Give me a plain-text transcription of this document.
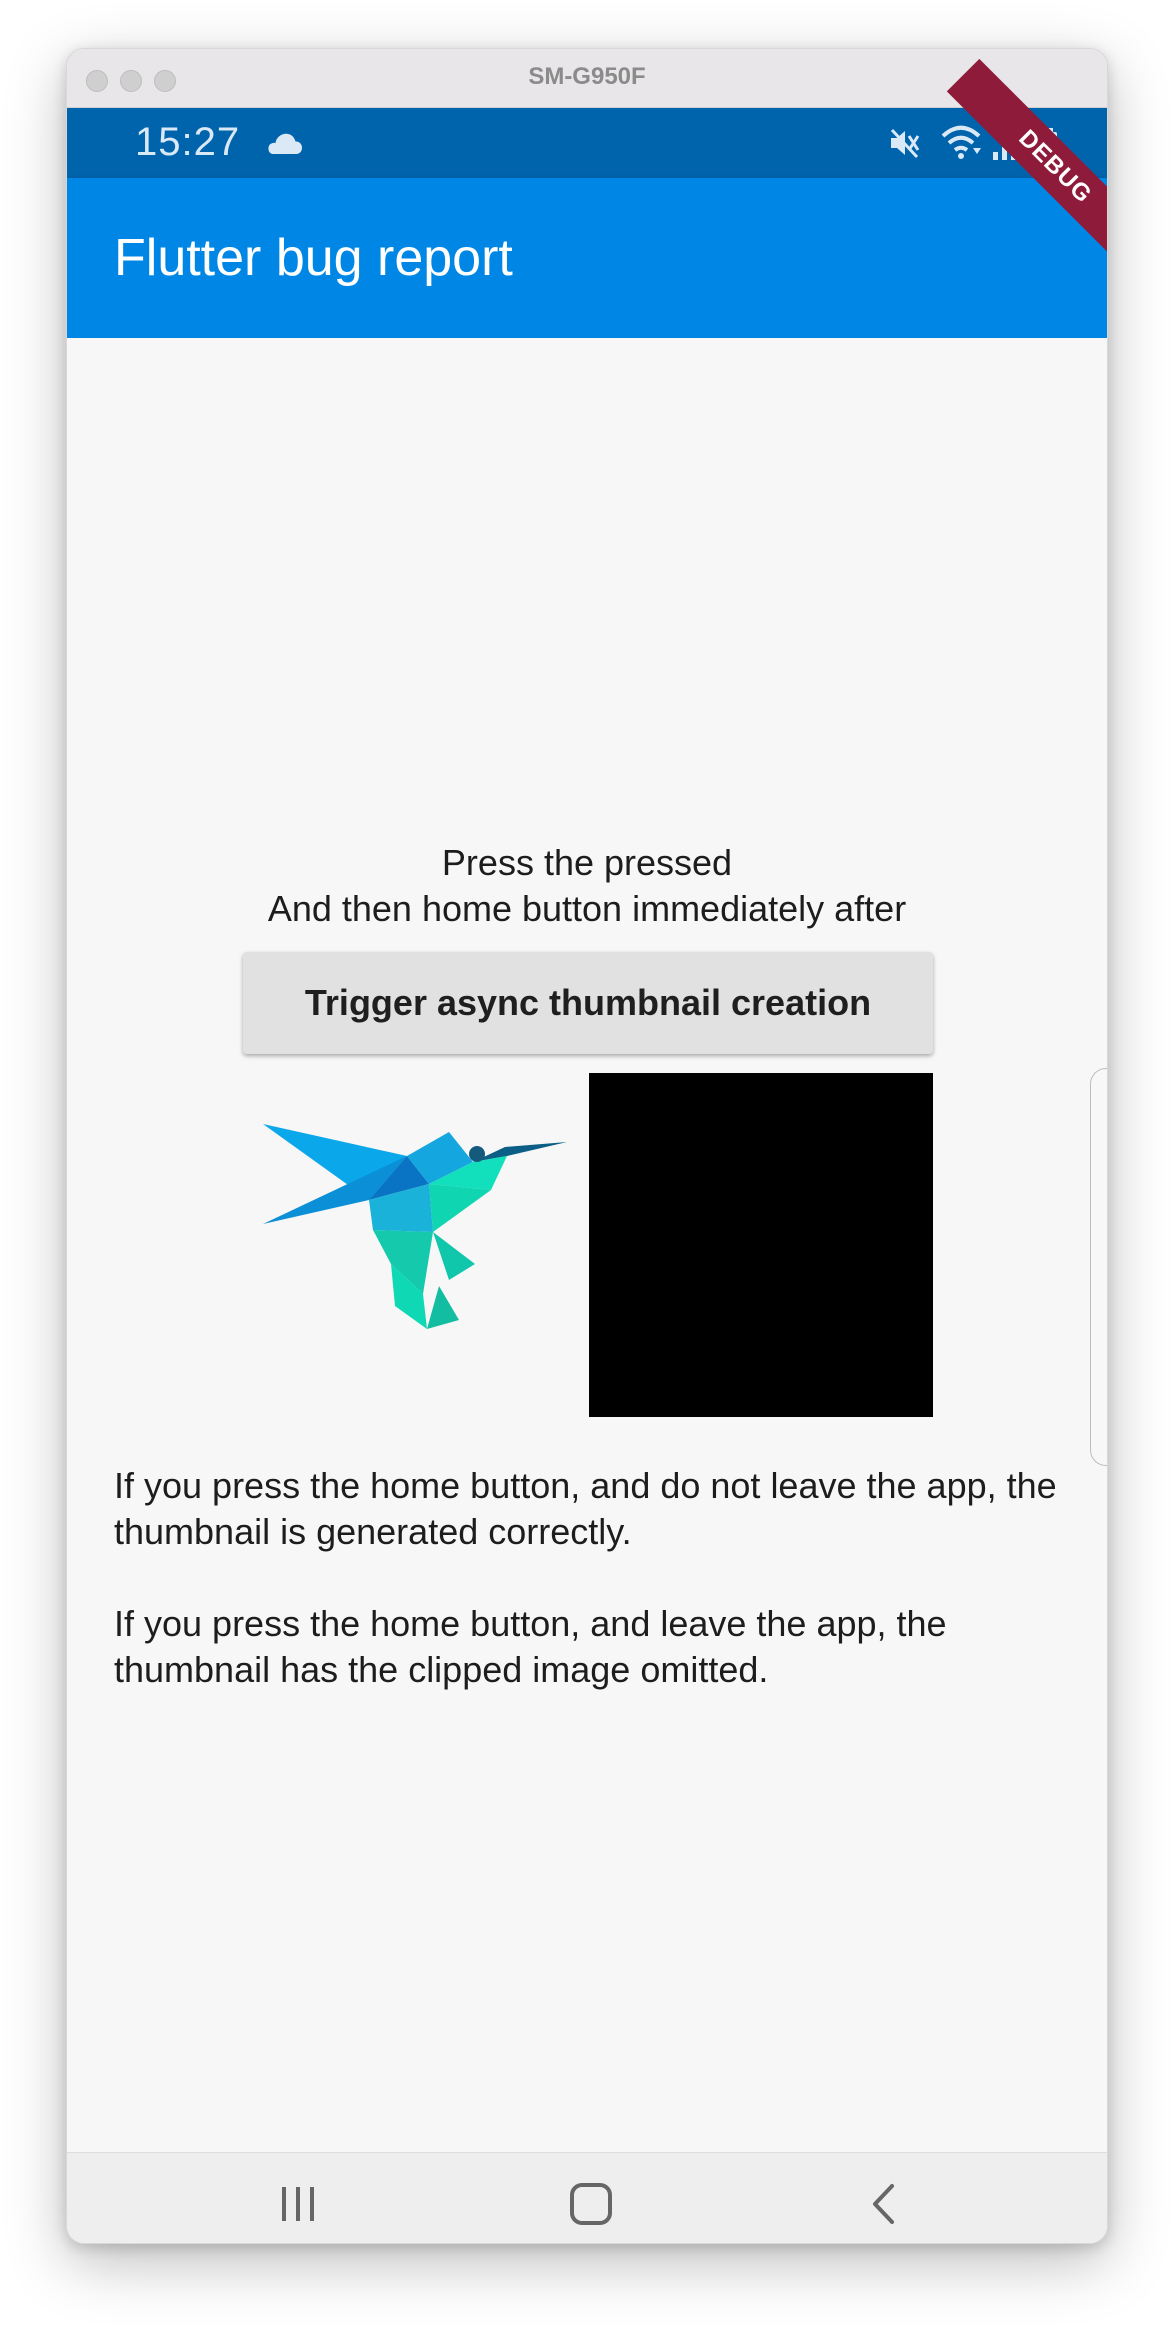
SM-G950F
15:27
Flutter bug report
DEBUG
Press the pressed
And then home button immediately after
Trigger async thumbnail creation
If you press the home button, and do not leave the app, the thumbnail is generated correctly.
If you press the home button, and leave the app, the thumbnail has the clipped image omitted.
